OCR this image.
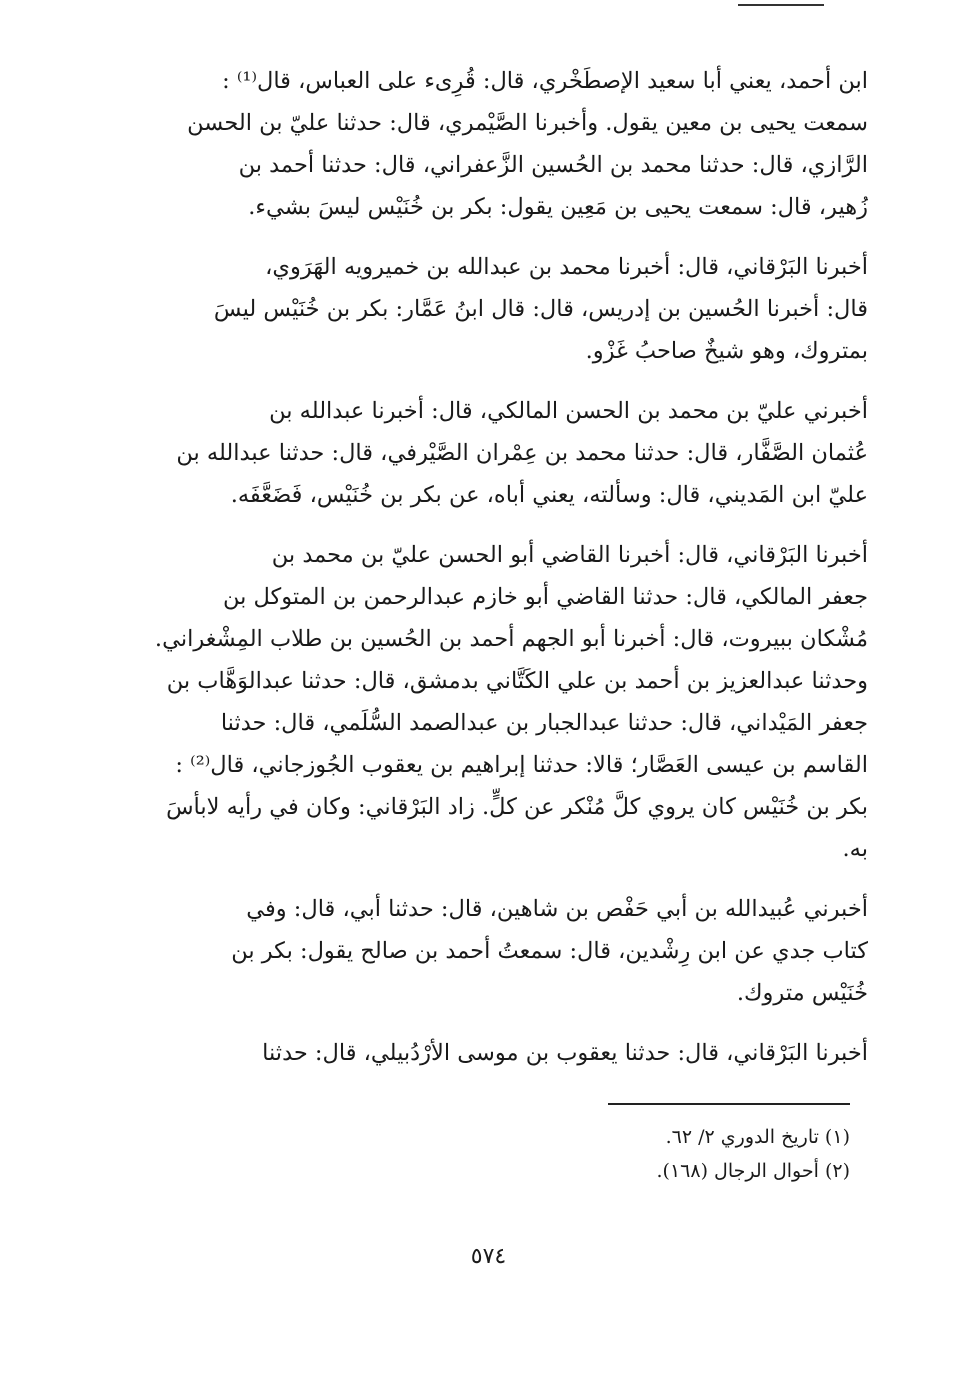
ابن أحمد، يعني أبا سعيد الإصطَخْري، قال: قُرِىء على العباس، قال⁽¹⁾ :
سمعت يحيى بن معين يقول. وأخبرنا الصَّيْمري، قال: حدثنا عليّ بن الحسن
الرَّازي، قال: حدثنا محمد بن الحُسين الزَّعفراني، قال: حدثنا أحمد بن
زُهير، قال: سمعت يحيى بن مَعِين يقول: بكر بن خُنَيْس ليسَ بشيء.
أخبرنا البَرْقاني، قال: أخبرنا محمد بن عبدالله بن خميرويه الهَرَوي،
قال: أخبرنا الحُسين بن إدريس، قال: قال ابنُ عَمَّار: بكر بن خُنَيْس ليسَ
بمتروك، وهو شيخٌ صاحبُ غَزْو.
أخبرني عليّ بن محمد بن الحسن المالكي، قال: أخبرنا عبدالله بن
عُثمان الصَّفَّار، قال: حدثنا محمد بن عِمْران الصَّيْرفي، قال: حدثنا عبدالله بن
عليّ ابن المَديني، قال: وسألته، يعني أباه، عن بكر بن خُنَيْس، فَضَعَّفَه.
أخبرنا البَرْقاني، قال: أخبرنا القاضي أبو الحسن عليّ بن محمد بن
جعفر المالكي، قال: حدثنا القاضي أبو خازم عبدالرحمن بن المتوكل بن
مُشْكان ببيروت، قال: أخبرنا أبو الجهم أحمد بن الحُسين بن طلاب المِشْغراني.
وحدثنا عبدالعزيز بن أحمد بن علي الكَتَّاني بدمشق، قال: حدثنا عبدالوَهَّاب بن
جعفر المَيْداني، قال: حدثنا عبدالجبار بن عبدالصمد السُّلَمي، قال: حدثنا
القاسم بن عيسى العَصَّار؛ قالا: حدثنا إبراهيم بن يعقوب الجُوزجاني، قال⁽²⁾ :
بكر بن خُنَيْس كان يروي كلَّ مُنْكر عن كلٍّ. زاد البَرْقاني: وكان في رأيه لابأسَ
به.
أخبرني عُبيدالله بن أبي حَفْص بن شاهين، قال: حدثنا أبي، قال: وفي
كتاب جدي عن ابن رِشْدين، قال: سمعتُ أحمد بن صالح يقول: بكر بن
خُنَيْس متروك.
أخبرنا البَرْقاني، قال: حدثنا يعقوب بن موسى الأرْدُبيلي، قال: حدثنا
(١) تاريخ الدوري ٢/ ٦٢.
(٢) أحوال الرجال (١٦٨).
٥٧٤
